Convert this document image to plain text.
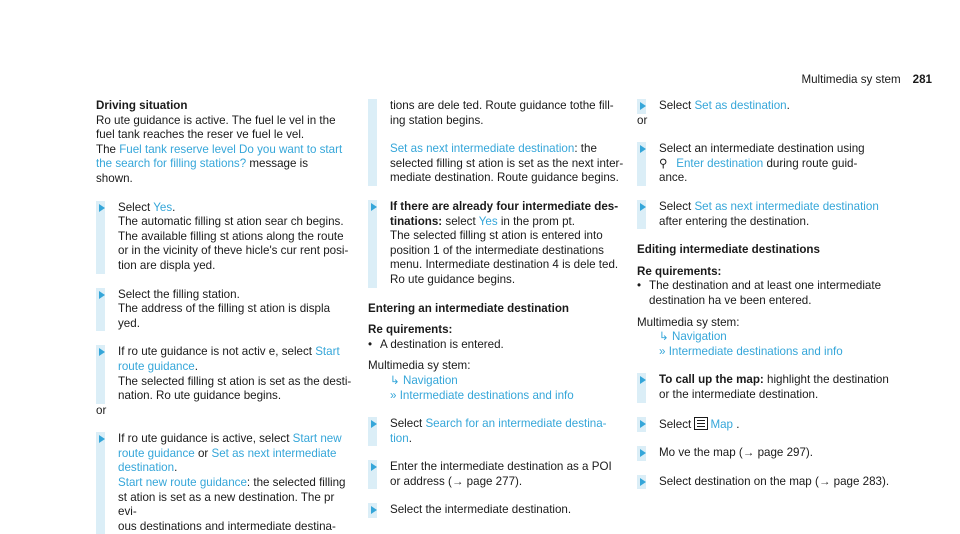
Multimedia sy stem 281
Driving situation
Ro ute guidance is active. The fuel le vel in the
fuel tank reaches the reser ve fuel le vel.
The Fuel tank reserve level Do you want to start
the search for filling stations? message is
shown.
Select Yes.
The automatic filling st ation sear ch begins.
The available filling st ations along the route
or in the vicinity of theve hicle's cur rent posi-
tion are displa yed.
Select the filling station.
The address of the filling st ation is displa yed.
If ro ute guidance is not activ e, select Start
route guidance.
The selected filling st ation is set as the desti-
nation. Ro ute guidance begins.
or
If ro ute guidance is active, select Start new
route guidance or Set as next intermediate
destination.
Start new route guidance: the selected filling
st ation is set as a new destination. The pr evi-
ous destinations and intermediate destina-
tions are dele ted. Route guidance tothe fill-
ing station begins.
Set as next intermediate destination: the
selected filling st ation is set as the next inter-
mediate destination. Route guidance begins.
If there are already four intermediate des-
tinations: select Yes in the prom pt.
The selected filling st ation is entered into
position 1 of the intermediate destinations
menu. Intermediate destination 4 is dele ted.
Ro ute guidance begins.
Entering an intermediate destination
Re quirements:
• A destination is entered.
Multimedia sy stem:
↳ Navigation
» Intermediate destinations and info
Select Search for an intermediate destina-
tion.
Enter the intermediate destination as a POI
or address (→ page 277).
Select the intermediate destination.
Select Set as destination.
or
Select an intermediate destination using
⚲ Enter destination during route guid-
ance.
Select Set as next intermediate destination
after entering the destination.
Editing intermediate destinations
Re quirements:
• The destination and at least one intermediate
destination ha ve been entered.
Multimedia sy stem:
↳ Navigation
» Intermediate destinations and info
To call up the map: highlight the destination
or the intermediate destination.
Select Map .
Mo ve the map (→ page 297).
Select destination on the map (→ page 283).
